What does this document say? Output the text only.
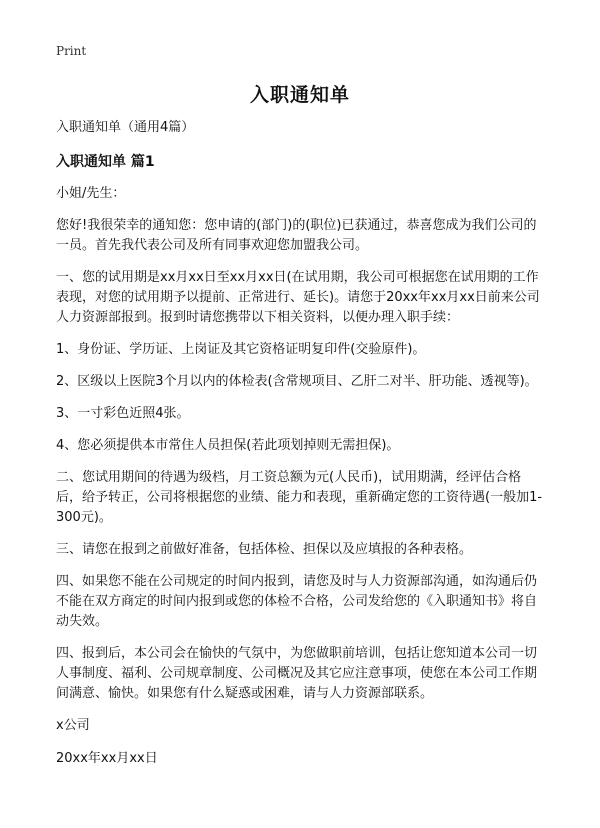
Print
入职通知单

入职通知单（通用4篇）

入职通知单 篇1

小姐/先生：

您好!我很荣幸的通知您：您申请的(部门)的(职位)已获通过，恭喜您成为我们公司的一员。首先我代表公司及所有同事欢迎您加盟我公司。

一、您的试用期是xx月xx日至xx月xx日(在试用期，我公司可根据您在试用期的工作表现，对您的试用期予以提前、正常进行、延长)。请您于20xx年xx月xx日前来公司人力资源部报到。报到时请您携带以下相关资料，以便办理入职手续：

1、身份证、学历证、上岗证及其它资格证明复印件(交验原件)。

2、区级以上医院3个月以内的体检表(含常规项目、乙肝二对半、肝功能、透视等)。

3、一寸彩色近照4张。

4、您必须提供本市常住人员担保(若此项划掉则无需担保)。

二、您试用期间的待遇为级档，月工资总额为元(人民币)，试用期满，经评估合格后，给予转正，公司将根据您的业绩、能力和表现，重新确定您的工资待遇(一般加1-300元)。

三、请您在报到之前做好准备，包括体检、担保以及应填报的各种表格。

四、如果您不能在公司规定的时间内报到，请您及时与人力资源部沟通，如沟通后仍不能在双方商定的时间内报到或您的体检不合格，公司发给您的《入职通知书》将自动失效。

四、报到后，本公司会在愉快的气氛中，为您做职前培训，包括让您知道本公司一切人事制度、福利、公司规章制度、公司概况及其它应注意事项，使您在本公司工作期间满意、愉快。如果您有什么疑惑或困难，请与人力资源部联系。

x公司

20xx年xx月xx日
